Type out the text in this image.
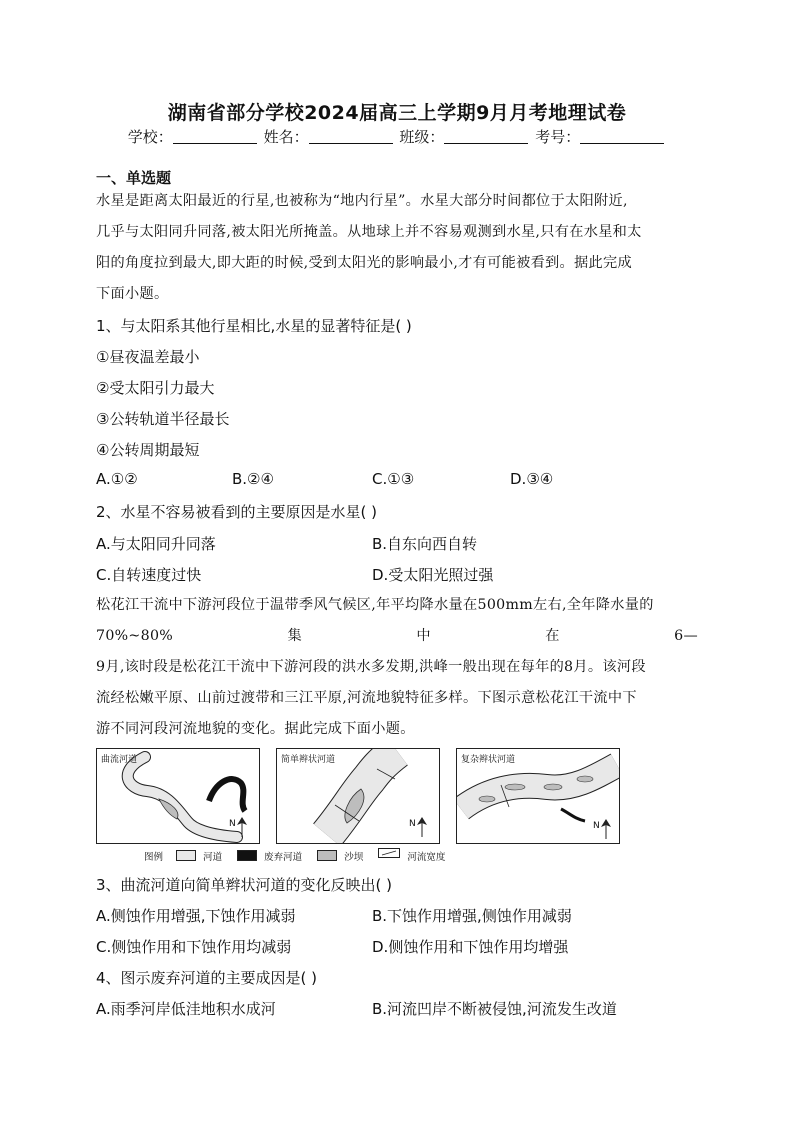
湖南省部分学校2024届高三上学期9月月考地理试卷
学校：	姓名：	班级：	考号：
一、单选题
水星是距离太阳最近的行星,也被称为“地内行星”。水星大部分时间都位于太阳附近,
几乎与太阳同升同落,被太阳光所掩盖。从地球上并不容易观测到水星,只有在水星和太
阳的角度拉到最大,即大距的时候,受到太阳光的影响最小,才有可能被看到。据此完成
下面小题。
1、与太阳系其他行星相比,水星的显著特征是( )
①昼夜温差最小
②受太阳引力最大
③公转轨道半径最长
④公转周期最短
A.①②	B.②④	C.①③	D.③④
2、水星不容易被看到的主要原因是水星( )
A.与太阳同升同落	B.自东向西自转
C.自转速度过快	D.受太阳光照过强
松花江干流中下游河段位于温带季风气候区,年平均降水量在500mm左右,全年降水量的
70%~80%	集	中	在	6—
9月,该时段是松花江干流中下游河段的洪水多发期,洪峰一般出现在每年的8月。该河段
流经松嫩平原、山前过渡带和三江平原,河流地貌特征多样。下图示意松花江干流中下
游不同河段河流地貌的变化。据此完成下面小题。
曲流河道
N
简单辫状河道
N
复杂辫状河道
N
图例	河道	废弃河道	沙坝	河流宽度
3、曲流河道向简单辫状河道的变化反映出( )
A.侧蚀作用增强,下蚀作用减弱	B.下蚀作用增强,侧蚀作用减弱
C.侧蚀作用和下蚀作用均减弱	D.侧蚀作用和下蚀作用均增强
4、图示废弃河道的主要成因是( )
A.雨季河岸低洼地积水成河	B.河流凹岸不断被侵蚀,河流发生改道
